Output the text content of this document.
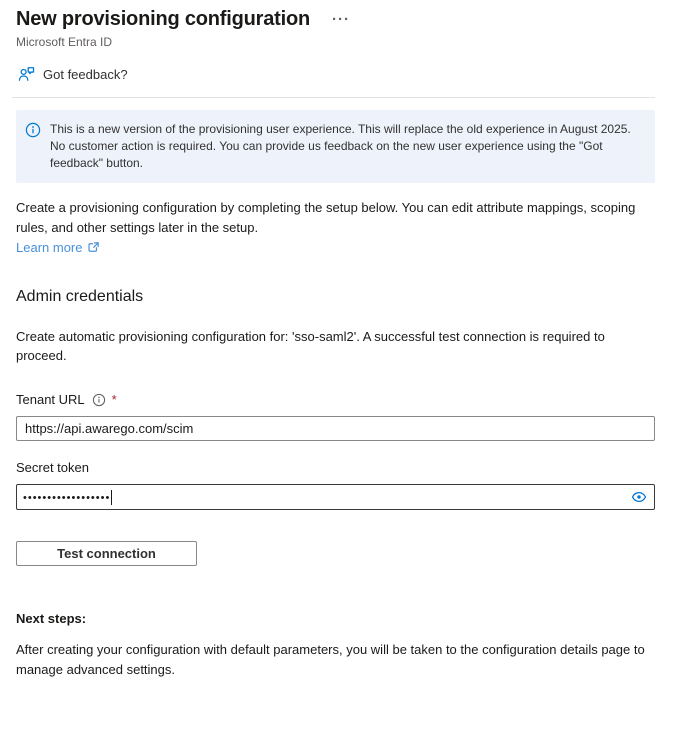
New provisioning configuration ···
Microsoft Entra ID
Got feedback?

This is a new version of the provisioning user experience. This will replace the old experience in August 2025. No customer action is required. You can provide us feedback on the new user experience using the "Got feedback" button.

Create a provisioning configuration by completing the setup below. You can edit attribute mappings, scoping rules, and other settings later in the setup.

Learn more
Admin credentials

Create automatic provisioning configuration for: 'sso-saml2'. A successful test connection is required to proceed.

Tenant URL *
https://api.awarego.com/scim
Secret token
••••••••••••••••••
Test connection
Next steps:

After creating your configuration with default parameters, you will be taken to the configuration details page to manage advanced settings.
